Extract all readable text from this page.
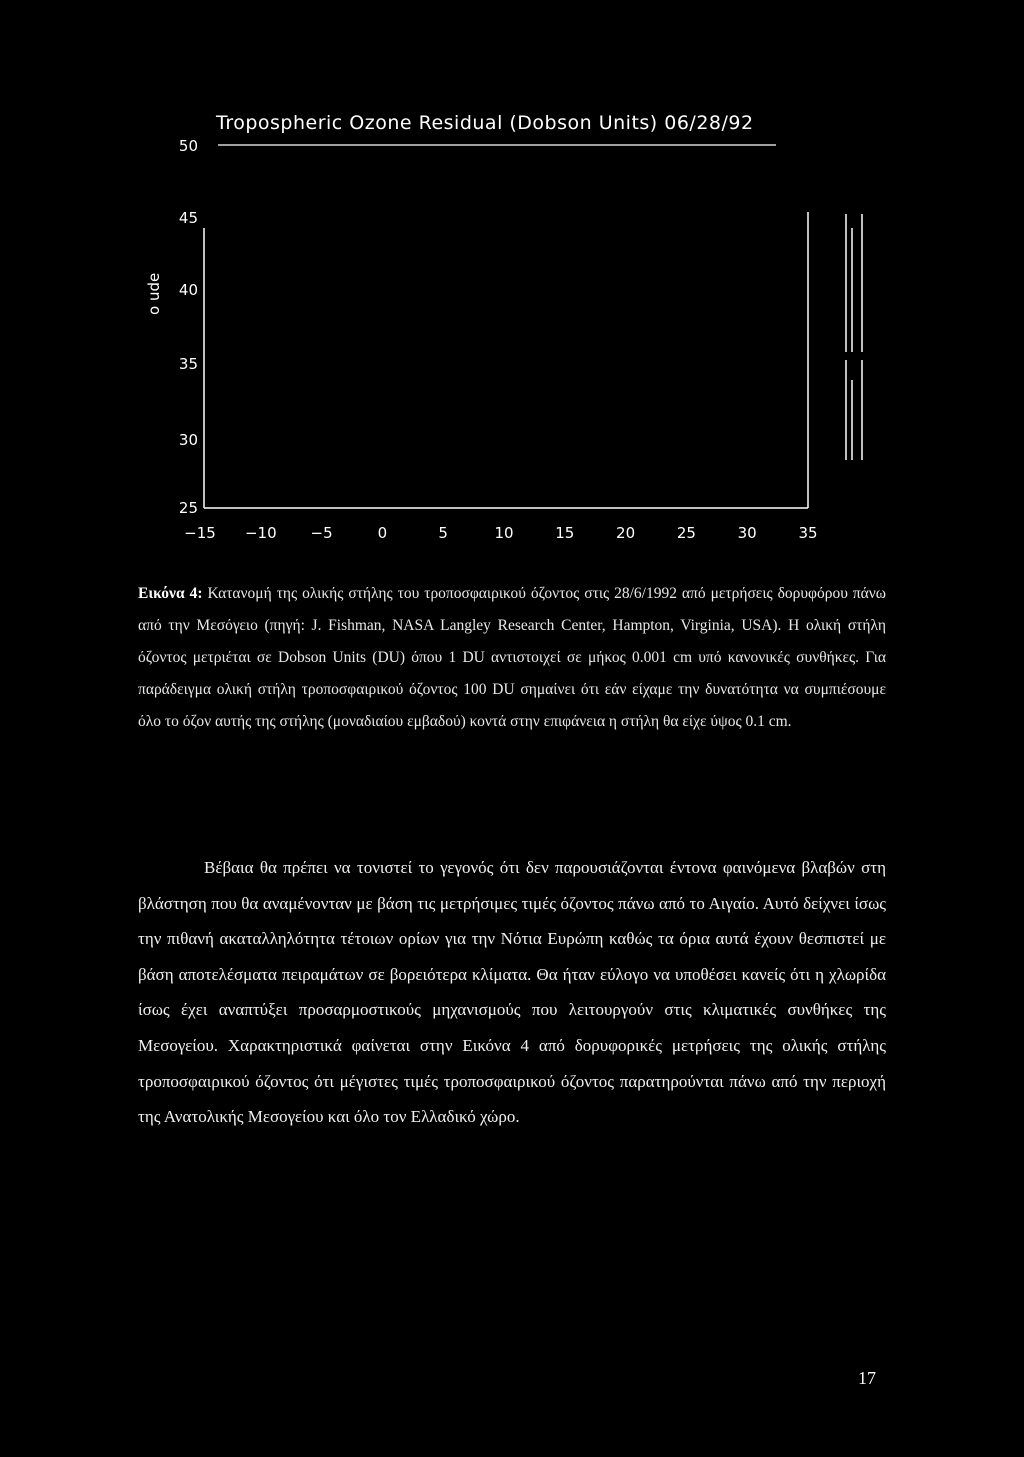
Tropospheric Ozone Residual (Dobson Units) 06/28/92
o ude
25
30
35
40
45
50
−15 −10	−5	0	5	10	15	20	25	30	35
Εικόνα 4: Κατανομή της ολικής στήλης του τροποσφαιρικού όζοντος στις 28/6/1992 από μετρήσεις δορυφόρου πάνω από την Μεσόγειο (πηγή: J. Fishman, NASA Langley Research Center, Hampton, Virginia, USA). Η ολική στήλη όζοντος μετριέται σε Dobson Units (DU) όπου 1 DU αντιστοιχεί σε μήκος 0.001 cm υπό κανονικές συνθήκες. Για παράδειγμα ολική στήλη τροποσφαιρικού όζοντος 100 DU σημαίνει ότι εάν είχαμε την δυνατότητα να συμπιέσουμε όλο το όζον αυτής της στήλης (μοναδιαίου εμβαδού) κοντά στην επιφάνεια η στήλη θα είχε ύψος 0.1 cm.
Βέβαια θα πρέπει να τονιστεί το γεγονός ότι δεν παρουσιάζονται έντονα φαινόμενα βλαβών στη βλάστηση που θα αναμένονταν με βάση τις μετρήσιμες τιμές όζοντος πάνω από το Αιγαίο. Αυτό δείχνει ίσως την πιθανή ακαταλληλότητα τέτοιων ορίων για την Νότια Ευρώπη καθώς τα όρια αυτά έχουν θεσπιστεί με βάση αποτελέσματα πειραμάτων σε βορειότερα κλίματα. Θα ήταν εύλογο να υποθέσει κανείς ότι η χλωρίδα ίσως έχει αναπτύξει προσαρμοστικούς μηχανισμούς που λειτουργούν στις κλιματικές συνθήκες της Μεσογείου. Χαρακτηριστικά φαίνεται στην Εικόνα 4 από δορυφορικές μετρήσεις της ολικής στήλης τροποσφαιρικού όζοντος ότι μέγιστες τιμές τροποσφαιρικού όζοντος παρατηρούνται πάνω από την περιοχή της Ανατολικής Μεσογείου και όλο τον Ελλαδικό χώρο.
17
